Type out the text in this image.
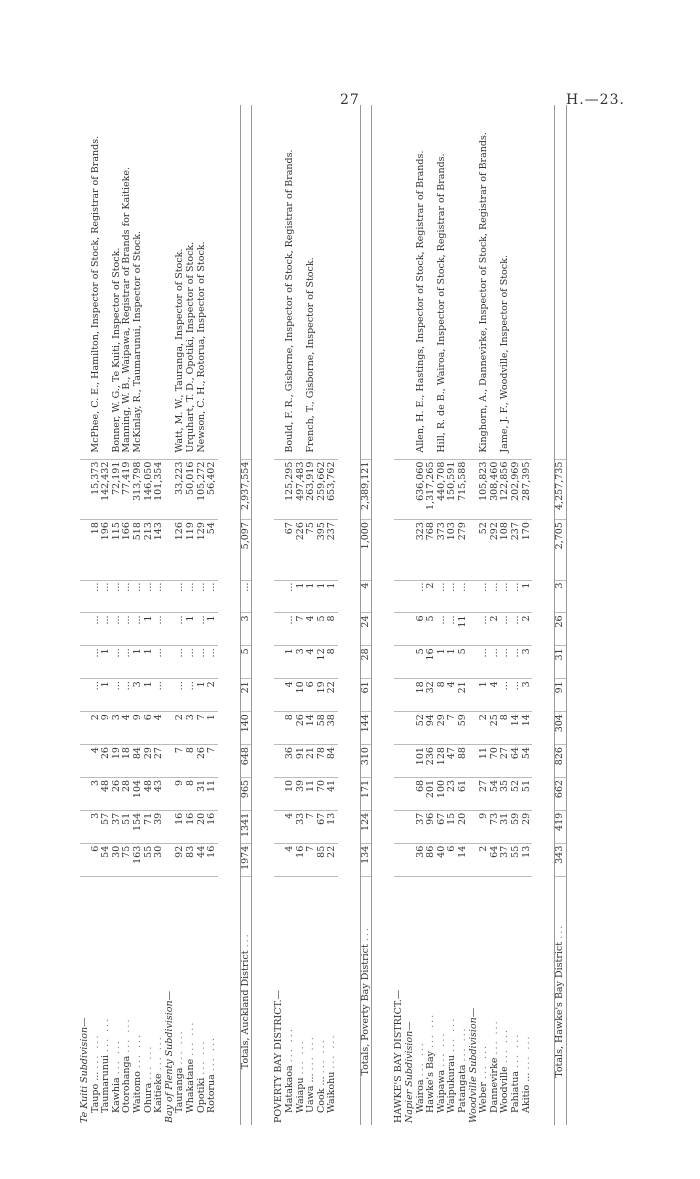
27	H.—23.
Te Kuiti Subdivision—												
Taupo ... ... ...	6	3	3	4	2	...	...	...	...	18	15,373	McPhee, C. E., Hamilton, Inspector of Stock, Registrar of Brands.
Taumarunui ... ...	54	57	48	26	9	1	1	...	...	196	142,432	
Kawhia ... ...	30	37	26	19	3	...	...	...	...	115	72,191	Bonner, W. G., Te Kuiti, Inspector of Stock.
Otorohanga ... ...	75	51	28	18	4	...	...	...	...	166	77,419	Manning, W. B., Waipawa, Registrar of Brands for Kaitieke.
Waitomo ... ...	163	154	104	84	9	3	1	...	...	518	313,798	McKinlay, R., Taumarunui, Inspector of Stock.
Ohura ... ...	55	71	48	29	6	1	1	1	...	213	146,050	
Kaitieke ... ...	30	39	43	27	4	...	...	...	...	143	101,354	
Bay of Plenty Subdivision—												
Tauranga ... ...	92	16	9	7	2	...	...	...	...	126	33,223	Watt, M. W., Tauranga, Inspector of Stock.
Whakatane ... ...	83	16	8	8	3	...	...	1	...	119	50,016	Urquhart, T. D., Opotiki, Inspector of Stock.
Opotiki ... ...	44	20	31	26	7	1	...	...	...	129	105,272	Newson, C. H., Rotorua, Inspector of Stock.
Rotorua ... ...	16	16	11	7	1	2	...	1	...	54	56,402	

Totals, Auckland District ...	1974	1341	965	648	140	21	5	3	...	5,097	2,937,554	

POVERTY BAY DISTRICT.—												
Matakaoa ... ...	4	4	10	36	8	4	1	...	...	67	125,295	Bould, F. R., Gisborne, Inspector of Stock, Registrar of Brands.
Waiapu ... ...	16	33	39	91	26	10	3	7	1	226	497,483	
Uawa ... ... ...	7	7	11	21	14	6	4	4	1	75	263,919	French, T., Gisborne, Inspector of Stock.
Cook ... ... ...	85	67	70	78	58	19	12	5	1	395	259,662	
Waikohu ... ...	22	13	41	84	38	22	8	8	1	237	653,762	

Totals, Poverty Bay District ...	134	124	171	310	144	61	28	24	4	1,000	2,389,121	

HAWKE'S BAY DISTRICT.—												
Napier Subdivision—												
Wairoa ... ...	36	37	68	101	52	18	5	6	...	323	636,060	Allen, H. E., Hastings, Inspector of Stock, Registrar of Brands.
Hawke's Bay ... ...	86	96	201	236	94	32	16	5	2	768	1,317,265	
Waipawa ... ...	40	67	100	128	29	8	1	...	...	373	440,708	Hill, R. de B., Wairoa, Inspector of Stock, Registrar of Brands.
Waipukurau ... ...	6	15	23	47	7	4	1	...	...	103	150,591	
Patangata ... ...	14	20	61	88	59	21	5	11	...	279	715,588	
Woodville Subdivision—												
Weber ... ...	2	9	27	11	2	1	...	...	...	52	105,823	Kinghorn, A., Dannevirke, Inspector of Stock, Registrar of Brands.
Dannevirke ... ...	64	73	54	70	25	4	...	2	...	292	308,460	
Woodville ... ...	37	31	35	27	8	...	...	...	...	108	122,856	Jame, J. F., Woodville, Inspector of Stock.
Pahiatua ... ...	55	59	52	64	14	...	...	...	...	237	202,969	
Akitio ... ... ...	13	29	51	54	14	3	3	2	1	170	287,395	

Totals, Hawke's Bay District ...	343	419	662	826	304	91	31	26	3	2,705	4,257,735	
